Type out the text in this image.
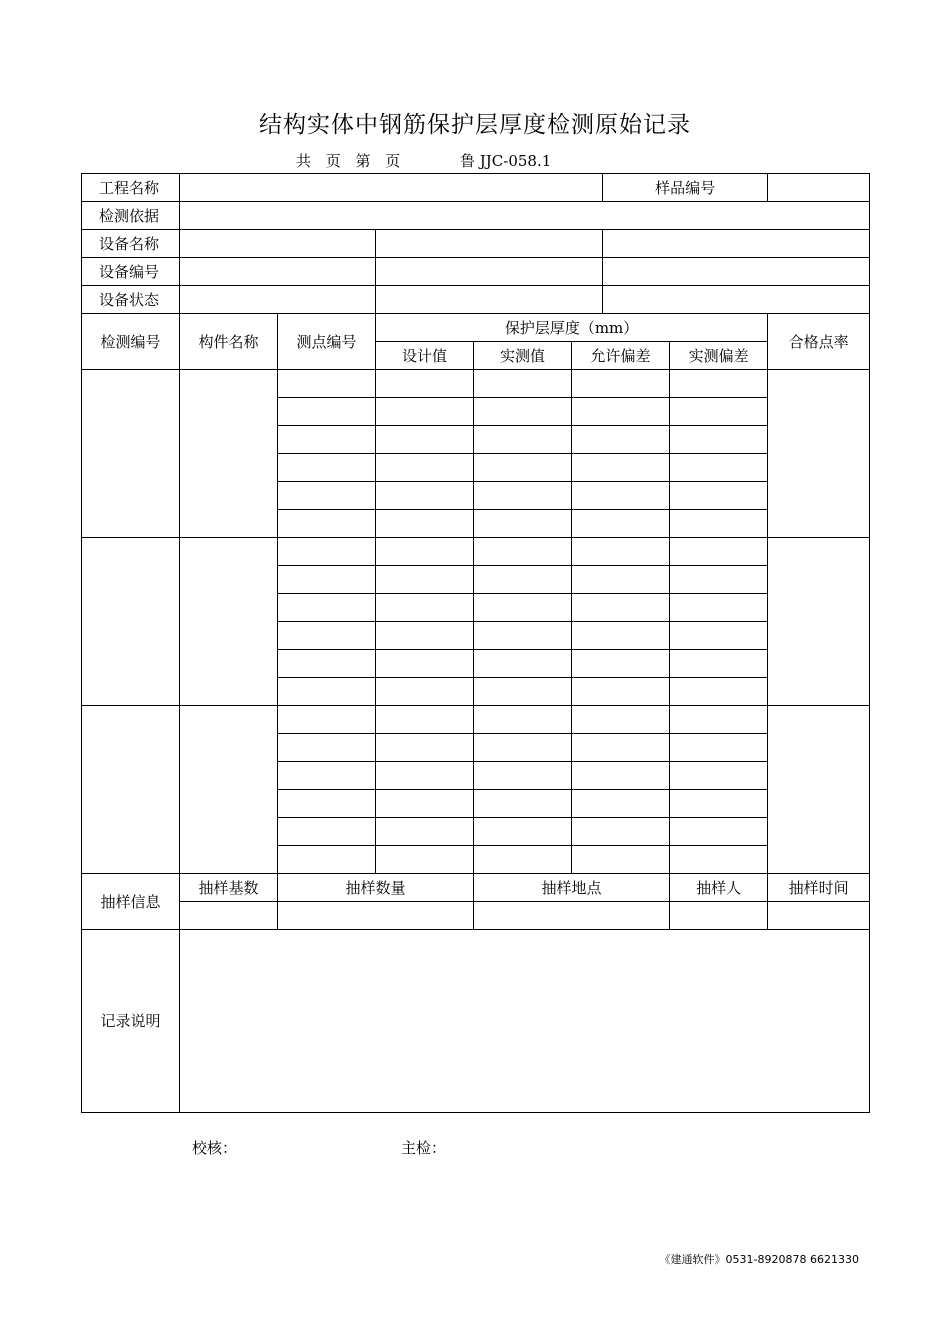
结构实体中钢筋保护层厚度检测原始记录
共 页 第 页	鲁 JJC-058.1
工程名称						样品编号		
检测依据								
设备名称								
设备编号								
设备状态								
检测编号	构件名称	测点编号	保护层厚度（mm）					合格点率
			设计值	实测值	允许偏差		实测偏差	

抽样信息	抽样基数	抽样数量		抽样地点			抽样人	抽样时间

记录说明								
校核：	主检：
《建通软件》0531-8920878 6621330
